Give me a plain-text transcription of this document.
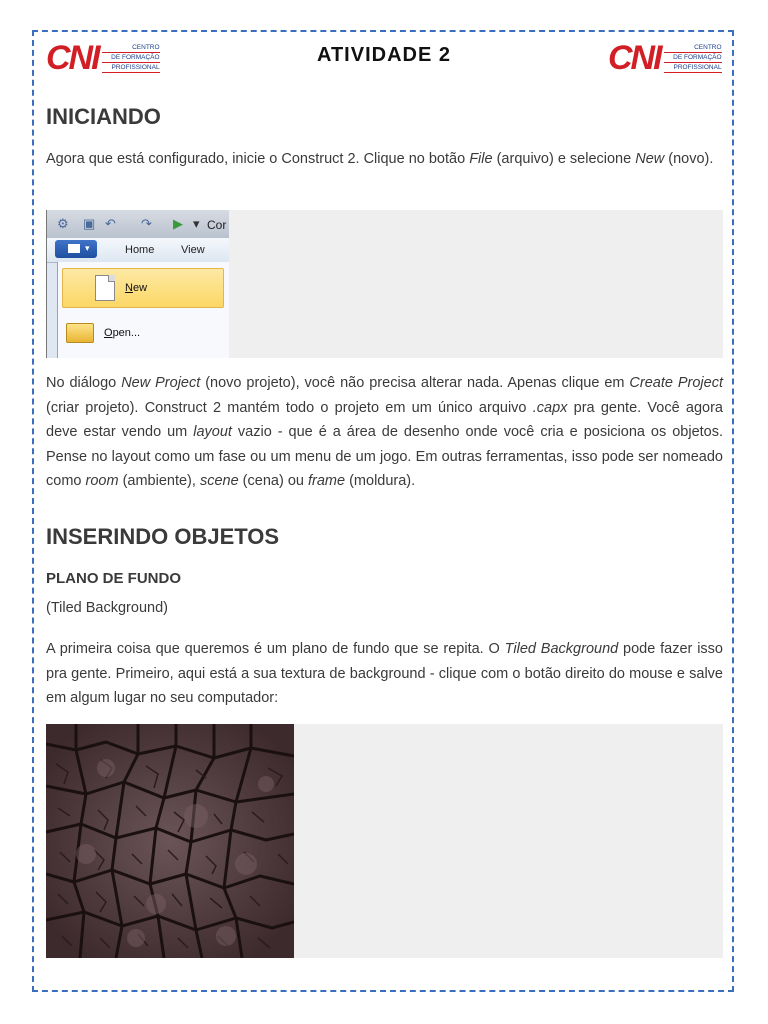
CNI	CENTRO
DE FORMAÇÃO
PROFISSIONAL
ATIVIDADE 2	CNI	CENTRO
DE FORMAÇÃO
PROFISSIONAL
INICIANDO
Agora que está configurado, inicie o Construct 2. Clique no botão File (arquivo) e selecione New (novo).
⚙ ▣ ↶ ↷ ▶ ▾ Cor
▾	Home View
New
Open...
No diálogo New Project (novo projeto), você não precisa alterar nada. Apenas clique em Create Project (criar projeto). Construct 2 mantém todo o projeto em um único arquivo .capx pra gente. Você agora deve estar vendo um layout vazio - que é a área de desenho onde você cria e posiciona os objetos. Pense no layout como um fase ou um menu de um jogo. Em outras ferramentas, isso pode ser nomeado como room (ambiente), scene (cena) ou frame (moldura).
INSERINDO OBJETOS
PLANO DE FUNDO
(Tiled Background)
A primeira coisa que queremos é um plano de fundo que se repita. O Tiled Background pode fazer isso pra gente. Primeiro, aqui está a sua textura de background - clique com o botão direito do mouse e salve em algum lugar no seu computador:
